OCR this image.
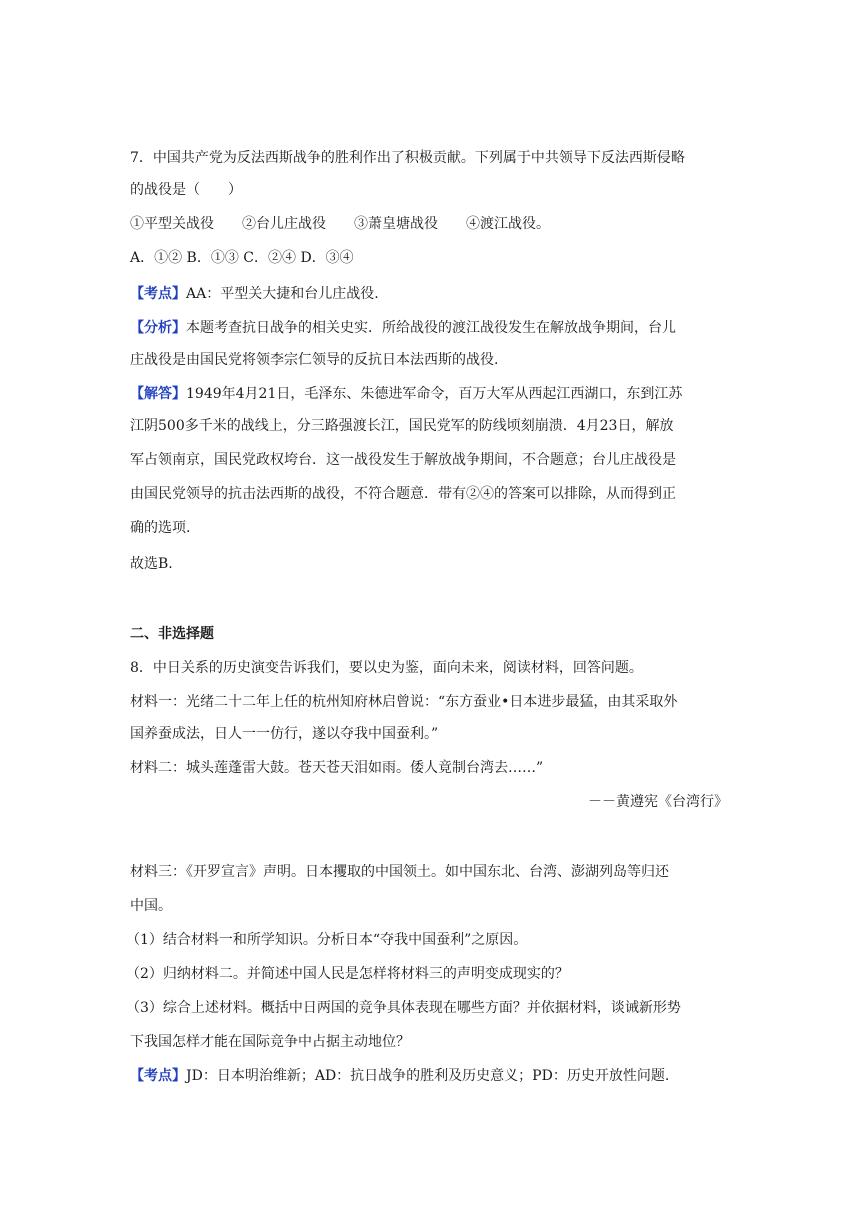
7．中国共产党为反法西斯战争的胜利作出了积极贡献。下列属于中共领导下反法西斯侵略
的战役是（　　）
①平型关战役　　②台儿庄战役　　③萧皇塘战役　　④渡江战役。
A．①② B．①③ C．②④ D．③④
【考点】AA：平型关大捷和台儿庄战役.
【分析】本题考查抗日战争的相关史实．所给战役的渡江战役发生在解放战争期间，台儿
庄战役是由国民党将领李宗仁领导的反抗日本法西斯的战役.
【解答】1949年4月21日，毛泽东、朱德进军命令，百万大军从西起江西湖口，东到江苏
江阴500多千米的战线上，分三路强渡长江，国民党军的防线顷刻崩溃．4月23日，解放
军占领南京，国民党政权垮台．这一战役发生于解放战争期间，不合题意；台儿庄战役是
由国民党领导的抗击法西斯的战役，不符合题意．带有②④的答案可以排除，从而得到正
确的选项.
故选B.
二、非选择题
8．中日关系的历史演变告诉我们，要以史为鉴，面向未来，阅读材料，回答问题。
材料一：光绪二十二年上任的杭州知府林启曾说：“东方蚕业•日本进步最猛，由其采取外
国养蚕成法，日人一一仿行，遂以夺我中国蚕利。”
材料二：城头莲蓬雷大鼓。苍天苍天泪如雨。倭人竟制台湾去……”
－－黄遵宪《台湾行》
材料三：《开罗宣言》声明。日本攫取的中国领土。如中国东北、台湾、澎湖列岛等归还
中国。
（1）结合材料一和所学知识。分析日本“夺我中国蚕利”之原因。
（2）归纳材料二。并简述中国人民是怎样将材料三的声明变成现实的？
（3）综合上述材料。概括中日两国的竞争具体表现在哪些方面？并依据材料，谈诫新形势
下我国怎样才能在国际竞争中占据主动地位？
【考点】JD：日本明治维新；AD：抗日战争的胜利及历史意义；PD：历史开放性问题.
